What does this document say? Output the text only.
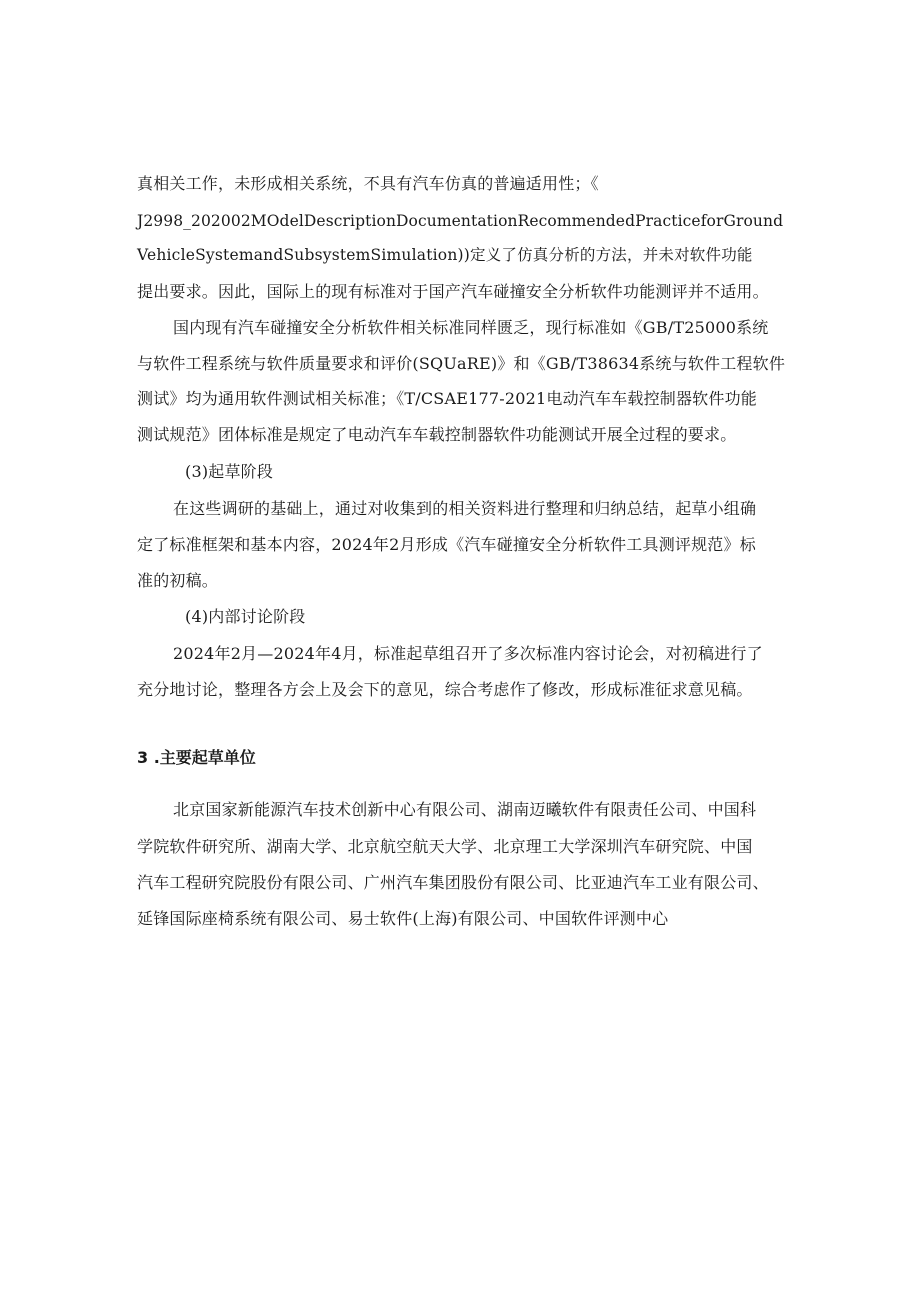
真相关工作，未形成相关系统，不具有汽车仿真的普遍适用性；《
J2998_202002MOdelDescriptionDocumentationRecommendedPracticeforGround
VehicleSystemandSubsystemSimulation))定义了仿真分析的方法，并未对软件功能
提出要求。因此，国际上的现有标准对于国产汽车碰撞安全分析软件功能测评并不适用。
国内现有汽车碰撞安全分析软件相关标准同样匮乏，现行标准如《GB/T25000系统
与软件工程系统与软件质量要求和评价(SQUaRE)》和《GB/T38634系统与软件工程软件
测试》均为通用软件测试相关标准；《T/CSAE177-2021电动汽车车载控制器软件功能
测试规范》团体标准是规定了电动汽车车载控制器软件功能测试开展全过程的要求。
(3)起草阶段
在这些调研的基础上，通过对收集到的相关资料进行整理和归纳总结，起草小组确
定了标准框架和基本内容，2024年2月形成《汽车碰撞安全分析软件工具测评规范》标
准的初稿。
(4)内部讨论阶段
2024年2月—2024年4月，标准起草组召开了多次标准内容讨论会，对初稿进行了
充分地讨论，整理各方会上及会下的意见，综合考虑作了修改，形成标准征求意见稿。
3 .主要起草单位
北京国家新能源汽车技术创新中心有限公司、湖南迈曦软件有限责任公司、中国科
学院软件研究所、湖南大学、北京航空航天大学、北京理工大学深圳汽车研究院、中国
汽车工程研究院股份有限公司、广州汽车集团股份有限公司、比亚迪汽车工业有限公司、
延锋国际座椅系统有限公司、易士软件(上海)有限公司、中国软件评测中心
